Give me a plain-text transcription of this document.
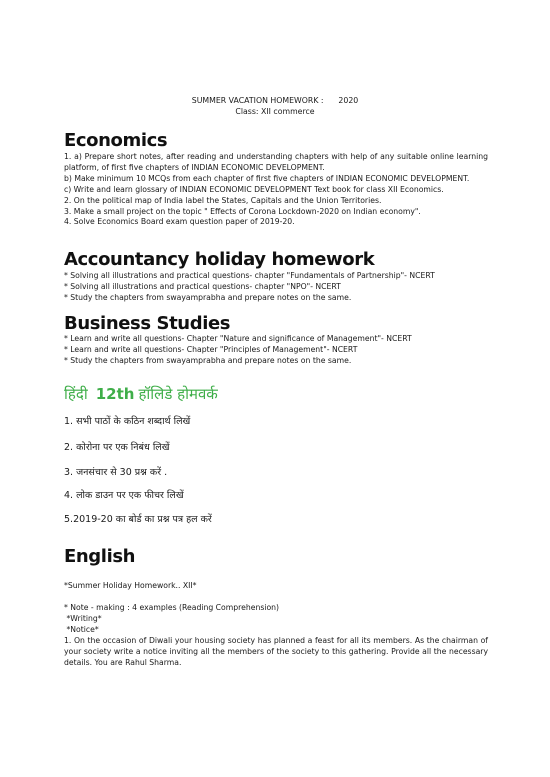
SUMMER VACATION HOMEWORK :      2020
Class: XII commerce
Economics
1. a) Prepare short notes, after reading and understanding chapters with help of any suitable online learning platform, of first five chapters of INDIAN ECONOMIC DEVELOPMENT.
b) Make minimum 10 MCQs from each chapter of first five chapters of INDIAN ECONOMIC DEVELOPMENT.
c) Write and learn glossary of INDIAN ECONOMIC DEVELOPMENT Text book for class XII Economics.
2. On the political map of India label the States, Capitals and the Union Territories.
3. Make a small project on the topic " Effects of Corona Lockdown-2020 on Indian economy".
4. Solve Economics Board exam question paper of 2019-20.
Accountancy holiday homework
* Solving all illustrations and practical questions- chapter "Fundamentals of Partnership"- NCERT
* Solving all illustrations and practical questions- chapter "NPO"- NCERT
* Study the chapters from swayamprabha and prepare notes on the same.
Business Studies
* Learn and write all questions- Chapter "Nature and significance of Management"- NCERT
* Learn and write all questions- Chapter "Principles of Management"- NCERT
* Study the chapters from swayamprabha and prepare notes on the same.
हिंदी 12th हॉलिडे होमवर्क
1. सभी पाठों के कठिन शब्दार्थ लिखें
2. कोरोना पर एक निबंध लिखें
3. जनसंचार से 30 प्रश्न करें .
4. लोक डाउन पर एक फीचर लिखें
5.2019-20 का बोर्ड का प्रश्न पत्र हल करें
English
*Summer Holiday Homework.. XII*
* Note - making : 4 examples (Reading Comprehension)
*Writing*
*Notice*
1. On the occasion of Diwali your housing society has planned a feast for all its members. As the chairman of your society write a notice inviting all the members of the society to this gathering. Provide all the necessary details. You are Rahul Sharma.
